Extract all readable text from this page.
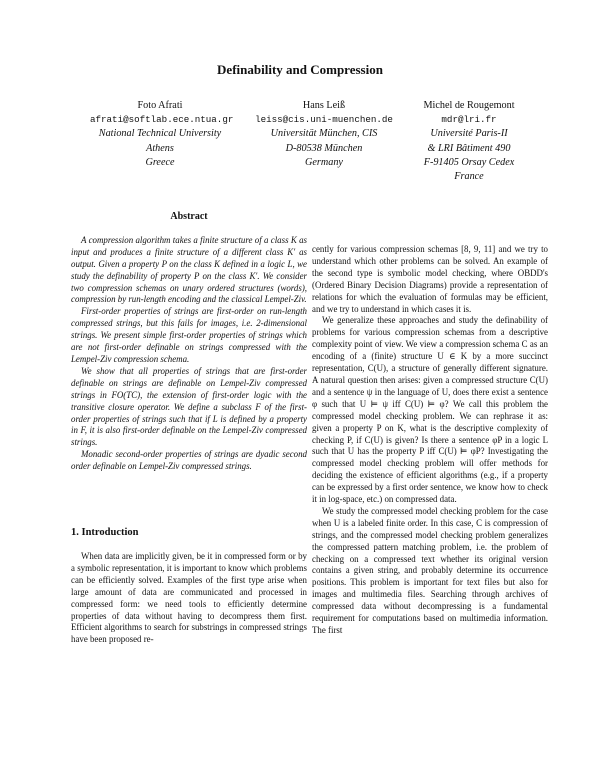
Definability and Compression
Foto Afrati
afrati@softlab.ece.ntua.gr
National Technical University
Athens
Greece
Hans Leiß
leiss@cis.uni-muenchen.de
Universität München, CIS
D-80538 München
Germany
Michel de Rougemont
mdr@lri.fr
Université Paris-II
& LRI Bâtiment 490
F-91405 Orsay Cedex
France
Abstract

A compression algorithm takes a finite structure of a class K as input and produces a finite structure of a different class K′ as output. Given a property P on the class K defined in a logic L, we study the definability of property P on the class K′. We consider two compression schemas on unary ordered structures (words), compression by run-length encoding and the classical Lempel-Ziv.

First-order properties of strings are first-order on run-length compressed strings, but this fails for images, i.e. 2-dimensional strings. We present simple first-order properties of strings which are not first-order definable on strings compressed with the Lempel-Ziv compression schema.

We show that all properties of strings that are first-order definable on strings are definable on Lempel-Ziv compressed strings in FO(TC), the extension of first-order logic with the transitive closure operator. We define a subclass F of the first-order properties of strings such that if L is defined by a property in F, it is also first-order definable on the Lempel-Ziv compressed strings.

Monadic second-order properties of strings are dyadic second order definable on Lempel-Ziv compressed strings.

1. Introduction

When data are implicitly given, be it in compressed form or by a symbolic representation, it is important to know which problems can be efficiently solved. Examples of the first type arise when large amount of data are communicated and processed in compressed form: we need tools to efficiently determine properties of data without having to decompress them first. Efficient algorithms to search for substrings in compressed strings have been proposed re-

cently for various compression schemas [8, 9, 11] and we try to understand which other problems can be solved. An example of the second type is symbolic model checking, where OBDD's (Ordered Binary Decision Diagrams) provide a representation of relations for which the evaluation of formulas may be efficient, and we try to understand in which cases it is.

We generalize these approaches and study the definability of problems for various compression schemas from a descriptive complexity point of view. We view a compression schema C as an encoding of a (finite) structure U ∈ K by a more succinct representation, C(U), a structure of generally different signature. A natural question then arises: given a compressed structure C(U) and a sentence ψ in the language of U, does there exist a sentence φ such that U ⊨ ψ iff C(U) ⊨ φ? We call this problem the compressed model checking problem. We can rephrase it as: given a property P on K, what is the descriptive complexity of checking P, if C(U) is given? Is there a sentence φP in a logic L such that U has the property P iff C(U) ⊨ φP? Investigating the compressed model checking problem will offer methods for deciding the existence of efficient algorithms (e.g., if a property can be expressed by a first order sentence, we know how to check it in log-space, etc.) on compressed data.

We study the compressed model checking problem for the case when U is a labeled finite order. In this case, C is compression of strings, and the compressed model checking problem generalizes the compressed pattern matching problem, i.e. the problem of checking on a compressed text whether its original version contains a given string, and probably determine its occurrence positions. This problem is important for text files but also for images and multimedia files. Searching through archives of compressed data without decompressing is a fundamental requirement for computations based on multimedia information. The first
